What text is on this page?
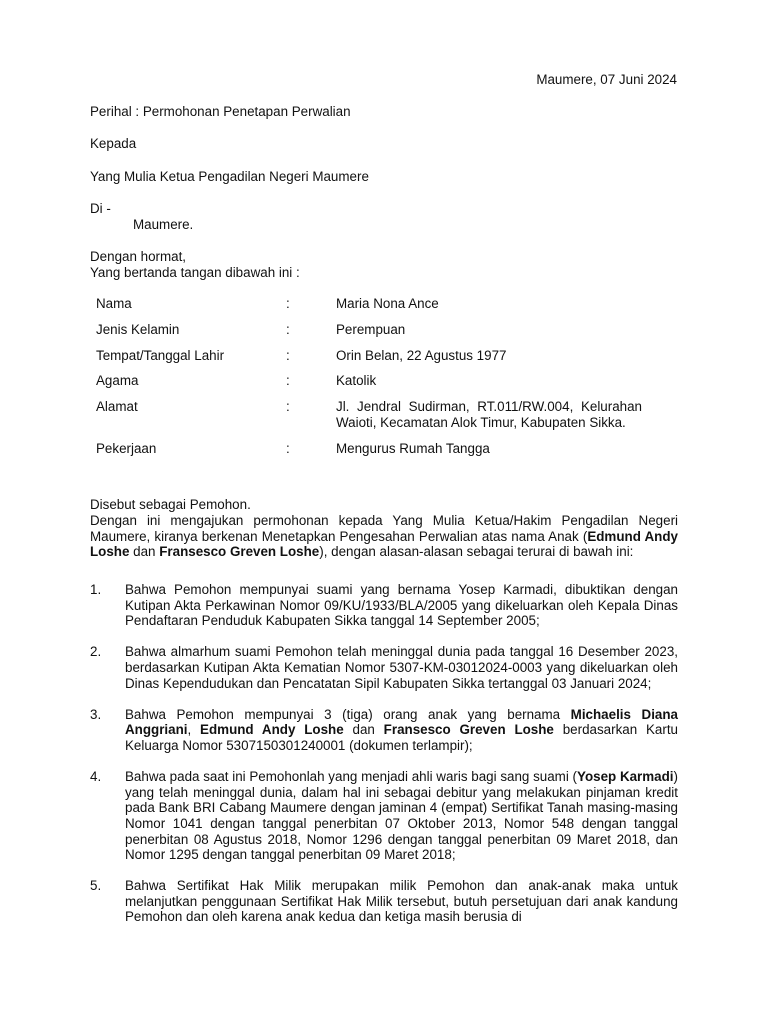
Maumere, 07 Juni 2024
Perihal : Permohonan Penetapan Perwalian
Kepada
Yang Mulia Ketua Pengadilan Negeri Maumere
Di -
Maumere.
Dengan hormat,
Yang bertanda tangan dibawah ini :
Nama	:	Maria Nona Ance
Jenis Kelamin	:	Perempuan
Tempat/Tanggal Lahir	:	Orin Belan, 22 Agustus 1977
Agama	:	Katolik
Alamat	:	Jl. Jendral Sudirman, RT.011/RW.004, Kelurahan Waioti, Kecamatan Alok Timur, Kabupaten Sikka.
Pekerjaan	:	Mengurus Rumah Tangga
Disebut sebagai Pemohon.
Dengan ini mengajukan permohonan kepada Yang Mulia Ketua/Hakim Pengadilan Negeri Maumere, kiranya berkenan Menetapkan Pengesahan Perwalian atas nama Anak (Edmund Andy Loshe dan Fransesco Greven Loshe), dengan alasan-alasan sebagai terurai di bawah ini:
1. Bahwa Pemohon mempunyai suami yang bernama Yosep Karmadi, dibuktikan dengan Kutipan Akta Perkawinan Nomor 09/KU/1933/BLA/2005 yang dikeluarkan oleh Kepala Dinas Pendaftaran Penduduk Kabupaten Sikka tanggal 14 September 2005;
2. Bahwa almarhum suami Pemohon telah meninggal dunia pada tanggal 16 Desember 2023, berdasarkan Kutipan Akta Kematian Nomor 5307-KM-03012024-0003 yang dikeluarkan oleh Dinas Kependudukan dan Pencatatan Sipil Kabupaten Sikka tertanggal 03 Januari 2024;
3. Bahwa Pemohon mempunyai 3 (tiga) orang anak yang bernama Michaelis Diana Anggriani, Edmund Andy Loshe dan Fransesco Greven Loshe berdasarkan Kartu Keluarga Nomor 5307150301240001 (dokumen terlampir);
4. Bahwa pada saat ini Pemohonlah yang menjadi ahli waris bagi sang suami (Yosep Karmadi) yang telah meninggal dunia, dalam hal ini sebagai debitur yang melakukan pinjaman kredit pada Bank BRI Cabang Maumere dengan jaminan 4 (empat) Sertifikat Tanah masing-masing Nomor 1041 dengan tanggal penerbitan 07 Oktober 2013, Nomor 548 dengan tanggal penerbitan 08 Agustus 2018, Nomor 1296 dengan tanggal penerbitan 09 Maret 2018, dan Nomor 1295 dengan tanggal penerbitan 09 Maret 2018;
5. Bahwa Sertifikat Hak Milik merupakan milik Pemohon dan anak-anak maka untuk melanjutkan penggunaan Sertifikat Hak Milik tersebut, butuh persetujuan dari anak kandung Pemohon dan oleh karena anak kedua dan ketiga masih berusia di
